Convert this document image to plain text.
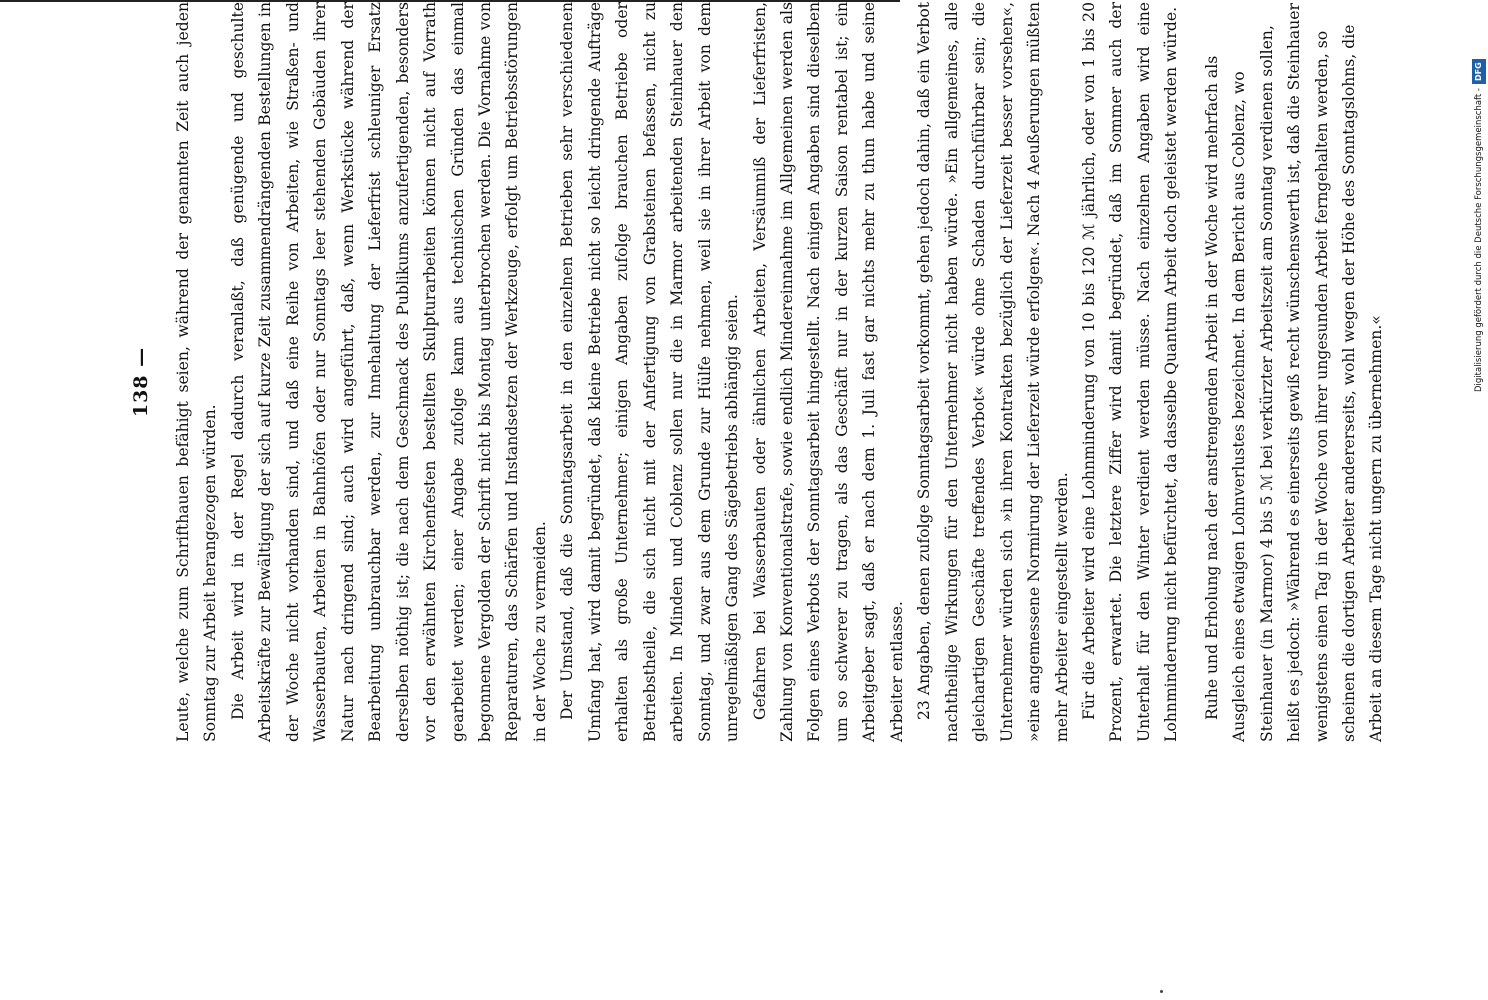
138 — Leute, welche zum Schrifthauen befähigt seien, während der genannten Zeit auch jeden Sonntag zur Arbeit herangezogen würden. Die Arbeit wird in der Regel dadurch veranlaßt, daß genügende und geschulte Arbeitskräfte zur Bewältigung der sich auf kurze Zeit zusammendrängenden Bestellungen in der Woche nicht vorhanden sind, und daß eine Reihe von Arbeiten, wie Straßen- und Wasserbauten, Arbeiten in Bahnhöfen oder nur Sonntags leer stehenden Gebäuden ihrer Natur nach dringend sind; auch wird angeführt, daß, wenn Werkstücke während der Bearbeitung unbrauchbar werden, zur Innehaltung der Lieferfrist schleuniger Ersatz derselben nöthig ist; die nach dem Geschmack des Publikums anzufertigenden, besonders vor den erwähnten Kirchenfesten bestellten Skulpturarbeiten können nicht auf Vorrath gearbeitet werden; einer Angabe zufolge kann aus technischen Gründen das einmal begonnene Vergolden der Schrift nicht bis Montag unterbrochen werden. Die Vornahme von Reparaturen, das Schärfen und Instandsetzen der Werkzeuge, erfolgt um Betriebsstörungen in der Woche zu vermeiden. Der Umstand, daß die Sonntagsarbeit in den einzelnen Betrieben sehr verschiedenen Umfang hat, wird damit begründet, daß kleine Betriebe nicht so leicht dringende Aufträge erhalten als große Unternehmer; einigen Angaben zufolge brauchen Betriebe oder Betriebstheile, die sich nicht mit der Anfertigung von Grabsteinen befassen, nicht zu arbeiten. In Minden und Coblenz sollen nur die in Marmor arbeitenden Steinhauer den Sonntag, und zwar aus dem Grunde zur Hülfe nehmen, weil sie in ihrer Arbeit von dem unregelmäßigen Gang des Sägebetriebs abhängig seien. Gefahren bei Wasserbauten oder ähnlichen Arbeiten, Versäumniß der Lieferfristen, Zahlung von Konventionalstrafe, sowie endlich Mindereinnahme im Allgemeinen werden als Folgen eines Verbots der Sonntagsarbeit hingestellt. Nach einigen Angaben sind dieselben um so schwerer zu tragen, als das Geschäft nur in der kurzen Saison rentabel ist; ein Arbeitgeber sagt, daß er nach dem 1. Juli fast gar nichts mehr zu thun habe und seine Arbeiter entlasse. 23 Angaben, denen zufolge Sonntagsarbeit vorkommt, gehen jedoch dahin, daß ein Verbot nachtheilige Wirkungen für den Unternehmer nicht haben würde. »Ein allgemeines, alle gleichartigen Geschäfte treffendes Verbot« würde ohne Schaden durchführbar sein; die Unternehmer würden sich »in ihren Kontrakten bezüglich der Lieferzeit besser vorsehen«, »eine angemessene Normirung der Lieferzeit würde erfolgen«. Nach 4 Aeußerungen müßten mehr Arbeiter eingestellt werden. Für die Arbeiter wird eine Lohnminderung von 10 bis 120 ℳ jährlich, oder von 1 bis 20 Prozent, erwartet. Die letztere Ziffer wird damit begründet, daß im Sommer auch der Unterhalt für den Winter verdient werden müsse. Nach einzelnen Angaben wird eine Lohnminderung nicht befürchtet, da dasselbe Quantum Arbeit doch geleistet werden würde.	Ruhe und Erholung nach der anstrengenden Arbeit in der Woche wird mehrfach als Ausgleich eines etwaigen Lohnverlustes bezeichnet. In dem Bericht aus Coblenz, wo Steinhauer (in Marmor) 4 bis 5 ℳ bei verkürzter Arbeitszeit am Sonntag verdienen sollen, heißt es jedoch: »Während es einerseits gewiß recht wünschenswerth ist, daß die Steinhauer wenigstens einen Tag in der Woche von ihrer ungesunden Arbeit ferngehalten werden, so scheinen die dortigen Arbeiter andererseits, wohl wegen der Höhe des Sonntagslohns, die Arbeit an diesem Tage nicht ungern zu übernehmen.«

Digitalisierung gefördert durch die Deutsche Forschungsgemeinschaft -
DFG
